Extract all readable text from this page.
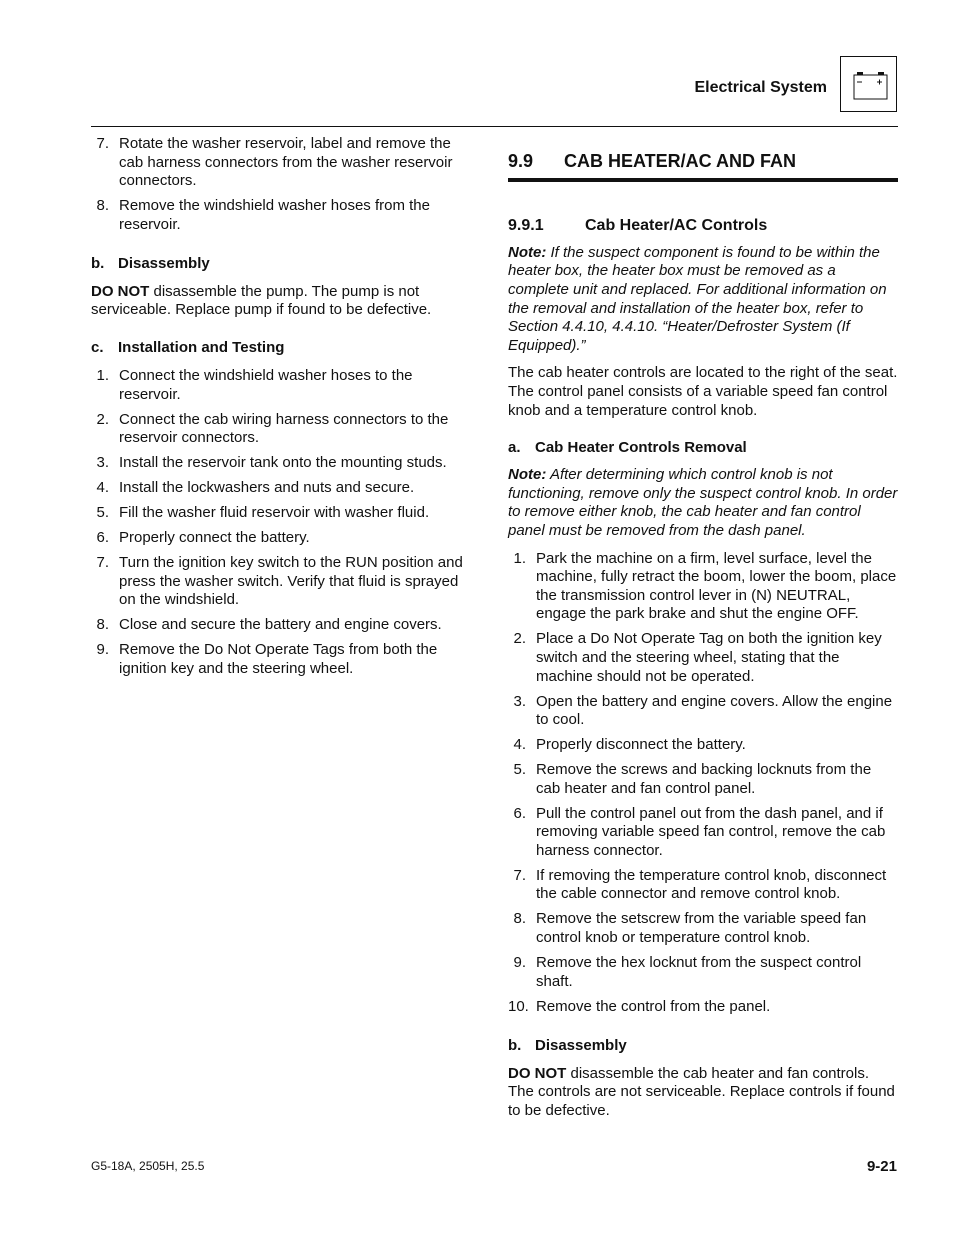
Electrical System
7. Rotate the washer reservoir, label and remove the cab harness connectors from the washer reservoir connectors.
8. Remove the windshield washer hoses from the reservoir.
b. Disassembly

DO NOT disassemble the pump. The pump is not serviceable. Replace pump if found to be defective.

c. Installation and Testing
1. Connect the windshield washer hoses to the reservoir.
2. Connect the cab wiring harness connectors to the reservoir connectors.
3. Install the reservoir tank onto the mounting studs.
4. Install the lockwashers and nuts and secure.
5. Fill the washer fluid reservoir with washer fluid.
6. Properly connect the battery.
7. Turn the ignition key switch to the RUN position and press the washer switch. Verify that fluid is sprayed on the windshield.
8. Close and secure the battery and engine covers.
9. Remove the Do Not Operate Tags from both the ignition key and the steering wheel.
9.9 CAB HEATER/AC AND FAN
9.9.1	Cab Heater/AC Controls

Note: If the suspect component is found to be within the heater box, the heater box must be removed as a complete unit and replaced. For additional information on the removal and installation of the heater box, refer to Section 4.4.10, 4.4.10. “Heater/Defroster System (If Equipped).”

The cab heater controls are located to the right of the seat. The control panel consists of a variable speed fan control knob and a temperature control knob.

a. Cab Heater Controls Removal

Note: After determining which control knob is not functioning, remove only the suspect control knob. In order to remove either knob, the cab heater and fan control panel must be removed from the dash panel.

1. Park the machine on a firm, level surface, level the machine, fully retract the boom, lower the boom, place the transmission control lever in (N) NEUTRAL, engage the park brake and shut the engine OFF.
2. Place a Do Not Operate Tag on both the ignition key switch and the steering wheel, stating that the machine should not be operated.
3. Open the battery and engine covers. Allow the engine to cool.
4. Properly disconnect the battery.
5. Remove the screws and backing locknuts from the cab heater and fan control panel.
6. Pull the control panel out from the dash panel, and if removing variable speed fan control, remove the cab harness connector.
7. If removing the temperature control knob, disconnect the cable connector and remove control knob.
8. Remove the setscrew from the variable speed fan control knob or temperature control knob.
9. Remove the hex locknut from the suspect control shaft.
10. Remove the control from the panel.
b. Disassembly

DO NOT disassemble the cab heater and fan controls. The controls are not serviceable. Replace controls if found to be defective.

G5-18A, 2505H, 25.5	9-21
